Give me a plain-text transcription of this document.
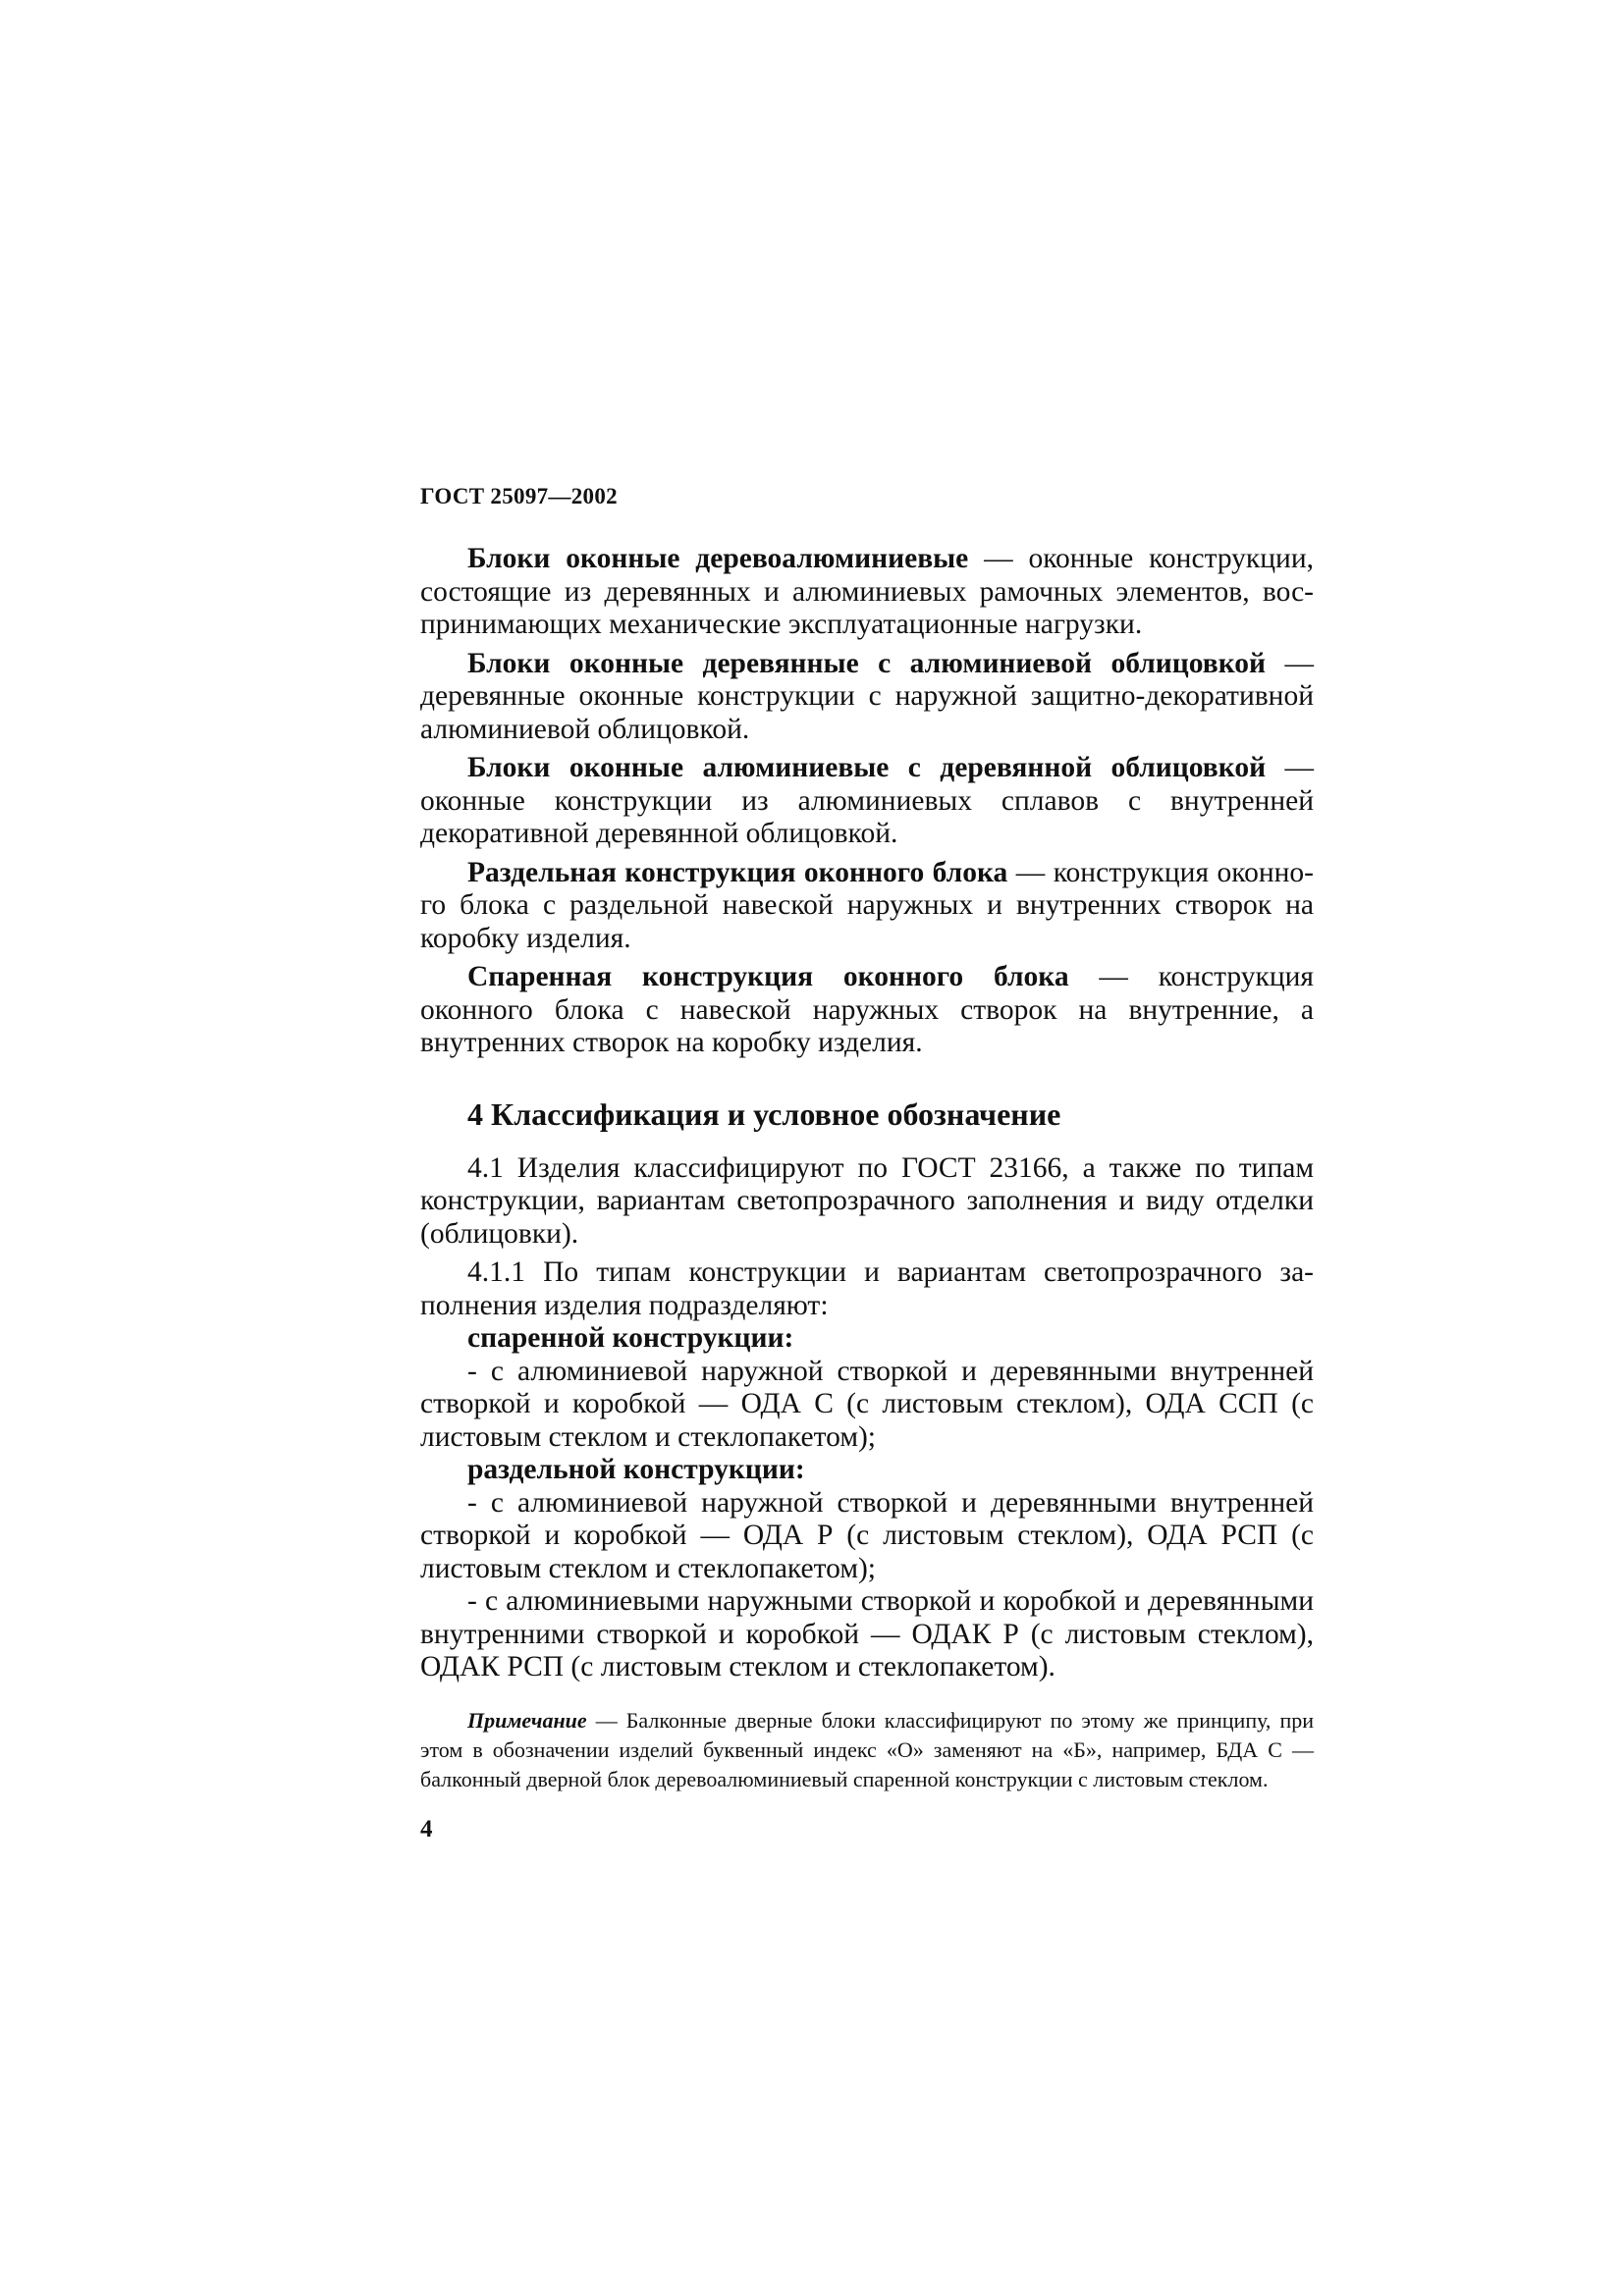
ГОСТ 25097—2002

Блоки оконные деревоалюминиевые — оконные конструкции, состоящие из деревянных и алюминиевых рамочных элементов, воспринимающих механические эксплуатационные нагрузки.

Блоки оконные деревянные с алюминиевой облицовкой — деревянные оконные конструкции с наружной защитно-декоративной алюминиевой облицовкой.

Блоки оконные алюминиевые с деревянной облицовкой — оконные конструкции из алюминиевых сплавов с внутренней декоративной деревянной облицовкой.

Раздельная конструкция оконного блока — конструкция оконного блока с раздельной навеской наружных и внутренних створок на коробку изделия.

Спаренная конструкция оконного блока — конструкция оконного блока с навеской наружных створок на внутренние, а внутренних створок на коробку изделия.

4 Классификация и условное обозначение

4.1 Изделия классифицируют по ГОСТ 23166, а также по типам конструкции, вариантам светопрозрачного заполнения и виду отделки (облицовки).

4.1.1 По типам конструкции и вариантам светопрозрачного заполнения изделия подразделяют:

спаренной конструкции:

- с алюминиевой наружной створкой и деревянными внутренней створкой и коробкой — ОДА С (с листовым стеклом), ОДА ССП (с листовым стеклом и стеклопакетом);

раздельной конструкции:

- с алюминиевой наружной створкой и деревянными внутренней створкой и коробкой — ОДА Р (с листовым стеклом), ОДА РСП (с листовым стеклом и стеклопакетом);

- с алюминиевыми наружными створкой и коробкой и деревянными внутренними створкой и коробкой — ОДАК Р (с листовым стеклом), ОДАК РСП (с листовым стеклом и стеклопакетом).

Примечание — Балконные дверные блоки классифицируют по этому же принципу, при этом в обозначении изделий буквенный индекс «О» заменяют на «Б», например, БДА С — балконный дверной блок деревоалюминиевый спаренной конструкции с листовым стеклом.

4
